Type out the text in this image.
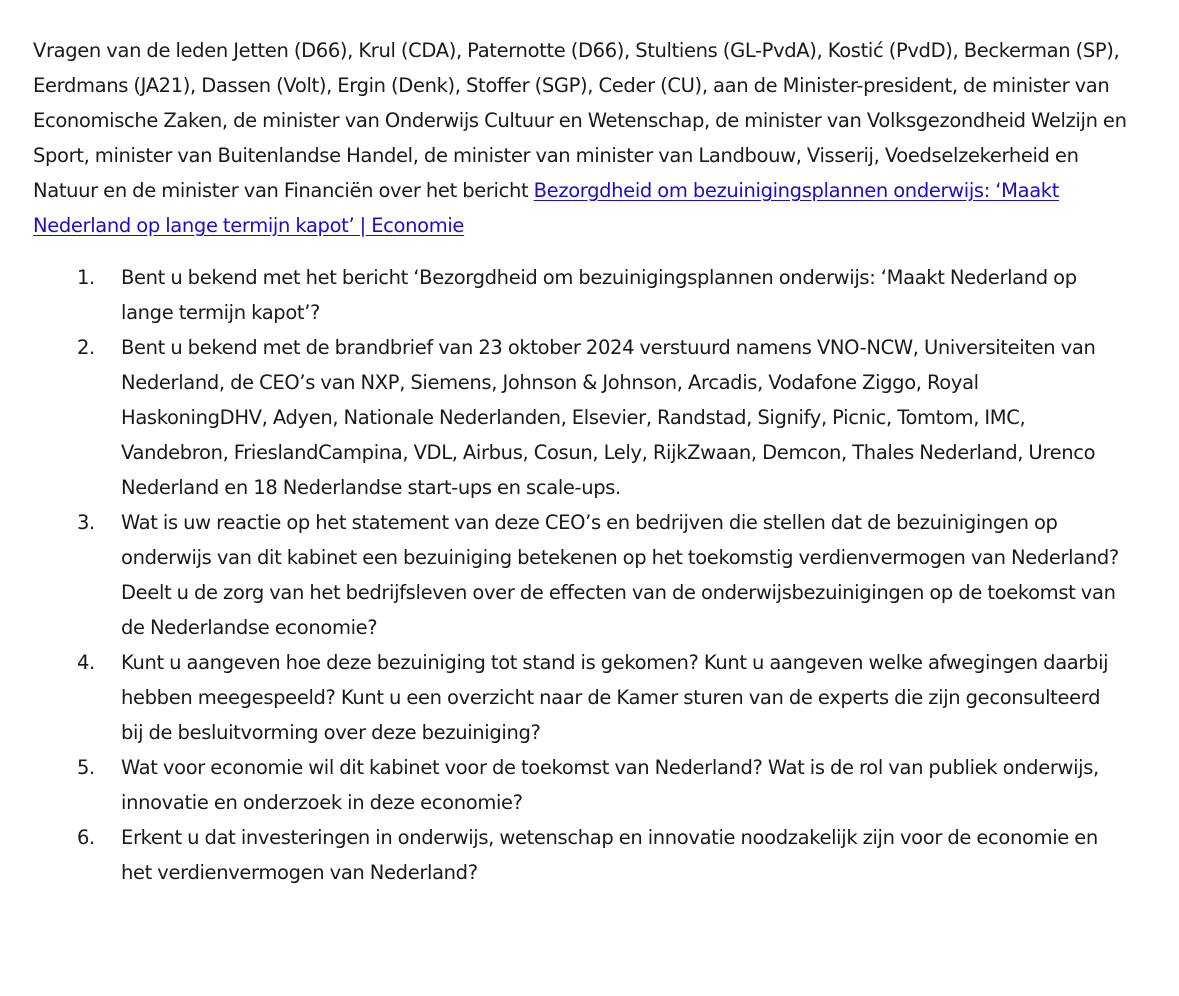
Vragen van de leden Jetten (D66), Krul (CDA), Paternotte (D66), Stultiens (GL-PvdA), Kostić (PvdD), Beckerman (SP), Eerdmans (JA21), Dassen (Volt), Ergin (Denk), Stoffer (SGP), Ceder (CU), aan de Minister-president, de minister van Economische Zaken, de minister van Onderwijs Cultuur en Wetenschap, de minister van Volksgezondheid Welzijn en Sport, minister van Buitenlandse Handel, de minister van minister van Landbouw, Visserij, Voedselzekerheid en Natuur en de minister van Financiën over het bericht Bezorgdheid om bezuinigingsplannen onderwijs: ‘Maakt Nederland op lange termijn kapot’ | Economie

1.	Bent u bekend met het bericht ‘Bezorgdheid om bezuinigingsplannen onderwijs: ‘Maakt Nederland op lange termijn kapot’?
2.	Bent u bekend met de brandbrief van 23 oktober 2024 verstuurd namens VNO-NCW, Universiteiten van Nederland, de CEO’s van NXP, Siemens, Johnson & Johnson, Arcadis, Vodafone Ziggo, Royal HaskoningDHV, Adyen, Nationale Nederlanden, Elsevier, Randstad, Signify, Picnic, Tomtom, IMC, Vandebron, FrieslandCampina, VDL, Airbus, Cosun, Lely, RijkZwaan, Demcon, Thales Nederland, Urenco Nederland en 18 Nederlandse start-ups en scale-ups.
3.	Wat is uw reactie op het statement van deze CEO’s en bedrijven die stellen dat de bezuinigingen op onderwijs van dit kabinet een bezuiniging betekenen op het toekomstig verdienvermogen van Nederland? Deelt u de zorg van het bedrijfsleven over de effecten van de onderwijsbezuinigingen op de toekomst van de Nederlandse economie?
4.	Kunt u aangeven hoe deze bezuiniging tot stand is gekomen? Kunt u aangeven welke afwegingen daarbij hebben meegespeeld? Kunt u een overzicht naar de Kamer sturen van de experts die zijn geconsulteerd bij de besluitvorming over deze bezuiniging?
5.	Wat voor economie wil dit kabinet voor de toekomst van Nederland? Wat is de rol van publiek onderwijs, innovatie en onderzoek in deze economie?
6.	Erkent u dat investeringen in onderwijs, wetenschap en innovatie noodzakelijk zijn voor de economie en het verdienvermogen van Nederland?
